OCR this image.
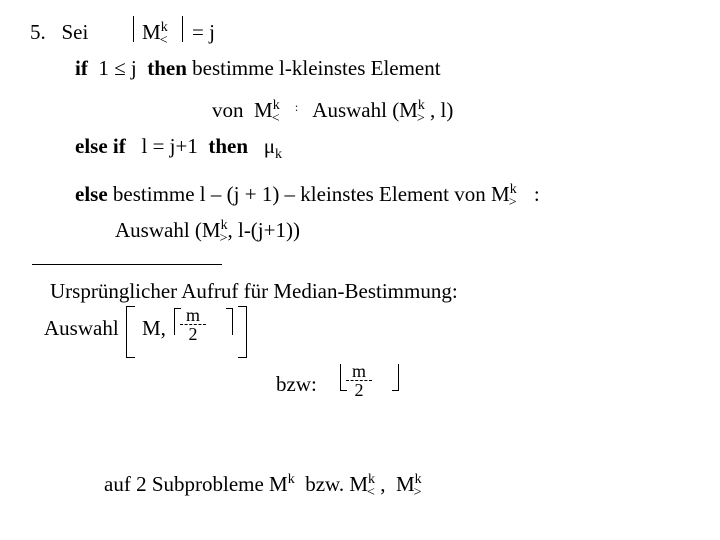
5. Sei	$M^k_< = j$
if 1 ≤ j then bestimme l-kleinstes Element
von $M^k_<$ : Auswahl ($M^k_>$ , l)
else if l = j+1 then $\mu_k$
else bestimme l – (j + 1) – kleinstes Element von $M^k_>$ :
Auswahl ($M^k_>$, l-(j+1))
Ursprünglicher Aufruf für Median-Bestimmung:
Auswahl M, $\frac{m}{2}$
bzw: $\frac{m}{2}$
auf 2 Subprobleme $M^k$ bzw. $M^k_<$ , $M^k_>$
